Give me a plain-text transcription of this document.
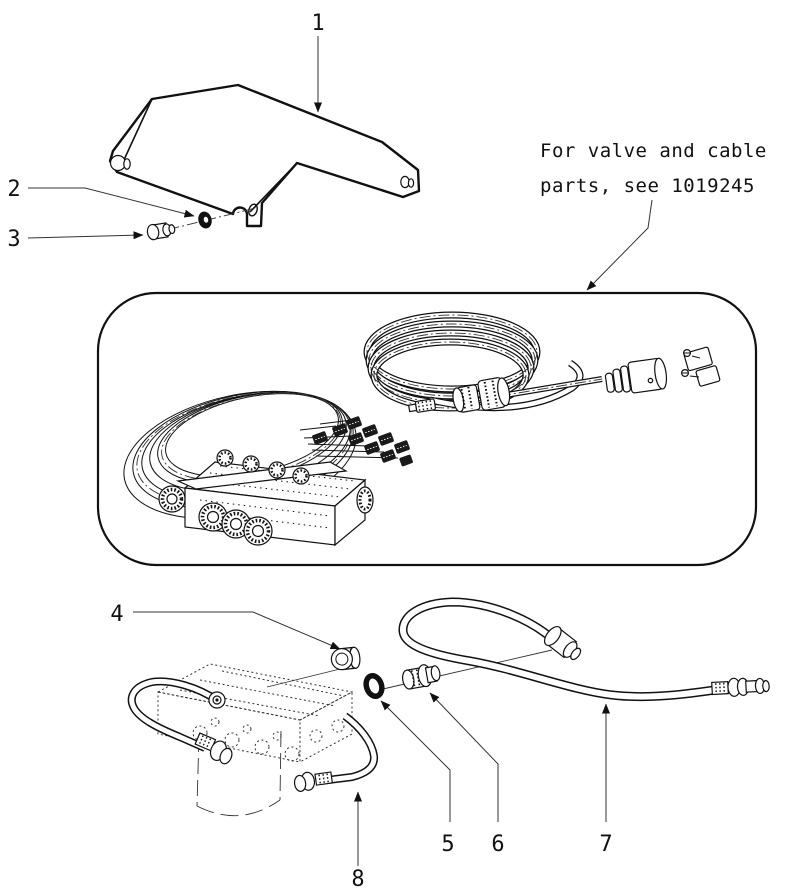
1
2
3
For valve and cable
parts, see 1019245
4
5 6	7
8
